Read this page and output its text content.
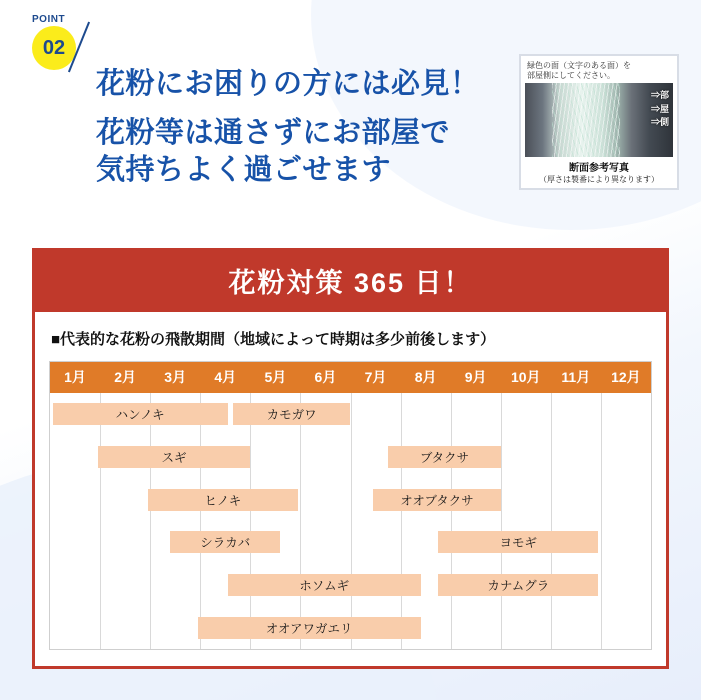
POINT
02
花粉にお困りの方には必見！
花粉等は通さずにお部屋で
気持ちよく過ごせます
緑色の面（文字のある面）を
部屋側にしてください。
⇒部
⇒屋
⇒側
断面参考写真
（厚さは製番により異なります）
花粉対策 365 日！
■代表的な花粉の飛散期間（地域によって時期は多少前後します）
1月	2月	3月	4月	5月	6月	7月	8月	9月	10月	11月	12月
ハンノキ	カモガワ
スギ	ブタクサ
ヒノキ	オオブタクサ
シラカバ	ヨモギ
ホソムギ	カナムグラ
オオアワガエリ
